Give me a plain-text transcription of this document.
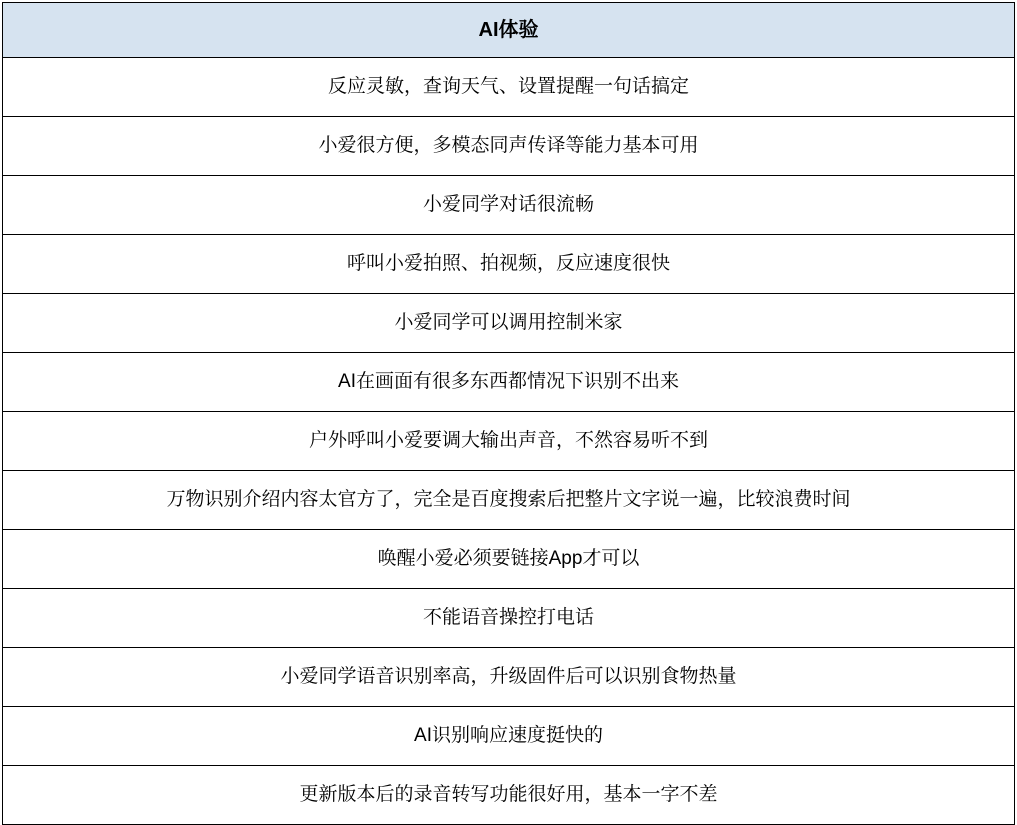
AI体验
反应灵敏，查询天气、设置提醒一句话搞定
小爱很方便，多模态同声传译等能力基本可用
小爱同学对话很流畅
呼叫小爱拍照、拍视频，反应速度很快
小爱同学可以调用控制米家
AI在画面有很多东西都情况下识别不出来
户外呼叫小爱要调大输出声音，不然容易听不到
万物识别介绍内容太官方了，完全是百度搜索后把整片文字说一遍，比较浪费时间
唤醒小爱必须要链接App才可以
不能语音操控打电话
小爱同学语音识别率高，升级固件后可以识别食物热量
AI识别响应速度挺快的
更新版本后的录音转写功能很好用，基本一字不差
